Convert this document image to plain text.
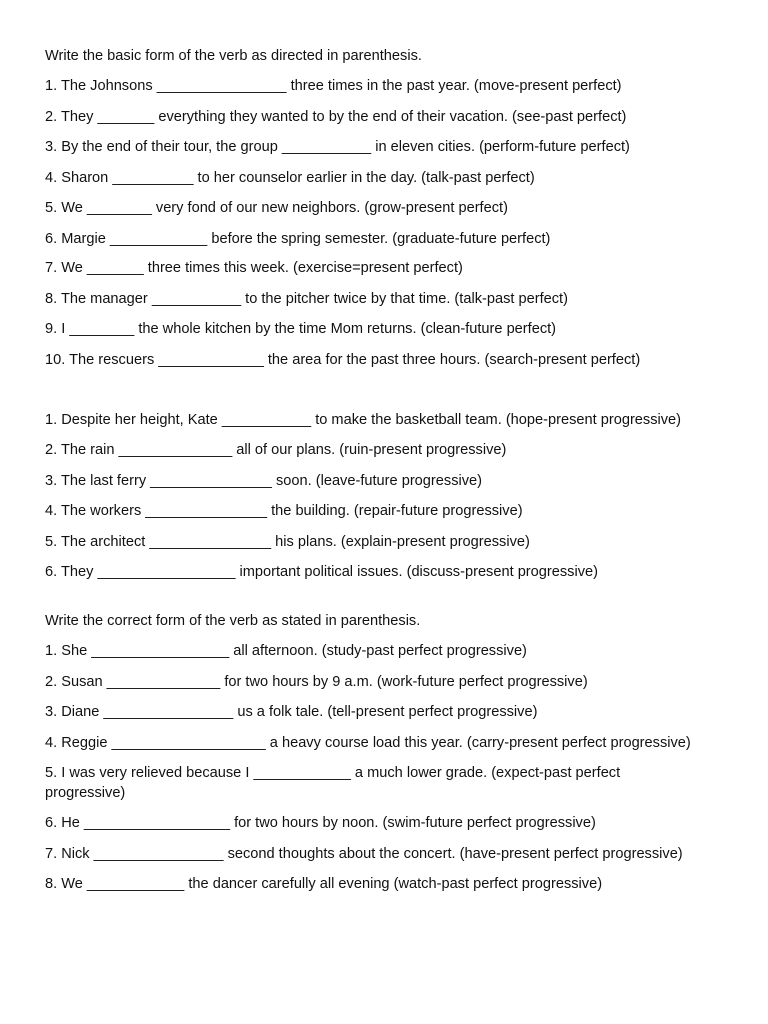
Write the basic form of the verb as directed in parenthesis.
1. The Johnsons ________________ three times in the past year. (move-present perfect)
2. They _______ everything they wanted to by the end of their vacation. (see-past perfect)
3. By the end of their tour, the group ___________ in eleven cities. (perform-future perfect)
4. Sharon __________ to her counselor earlier in the day. (talk-past perfect)
5. We ________ very fond of our new neighbors. (grow-present perfect)
6. Margie ____________ before the spring semester. (graduate-future perfect)
7. We _______ three times this week. (exercise=present perfect)
8. The manager ___________ to the pitcher twice by that time. (talk-past perfect)
9. I ________ the whole kitchen by the time Mom returns. (clean-future perfect)
10. The rescuers _____________ the area for the past three hours. (search-present perfect)
1. Despite her height, Kate ___________ to make the basketball team. (hope-present progressive)
2. The rain ______________ all of our plans. (ruin-present progressive)
3. The last ferry _______________ soon. (leave-future progressive)
4. The workers _______________ the building. (repair-future progressive)
5. The architect _______________ his plans. (explain-present progressive)
6. They _________________ important political issues. (discuss-present progressive)
Write the correct form of the verb as stated in parenthesis.
1. She _________________ all afternoon. (study-past perfect progressive)
2. Susan ______________ for two hours by 9 a.m. (work-future perfect progressive)
3. Diane ________________ us a folk tale. (tell-present perfect progressive)
4. Reggie ___________________ a heavy course load this year. (carry-present perfect progressive)
5. I was very relieved because I ____________ a much lower grade. (expect-past perfect progressive)
6. He __________________ for two hours by noon. (swim-future perfect progressive)
7. Nick ________________ second thoughts about the concert. (have-present perfect progressive)
8. We ____________ the dancer carefully all evening (watch-past perfect progressive)
